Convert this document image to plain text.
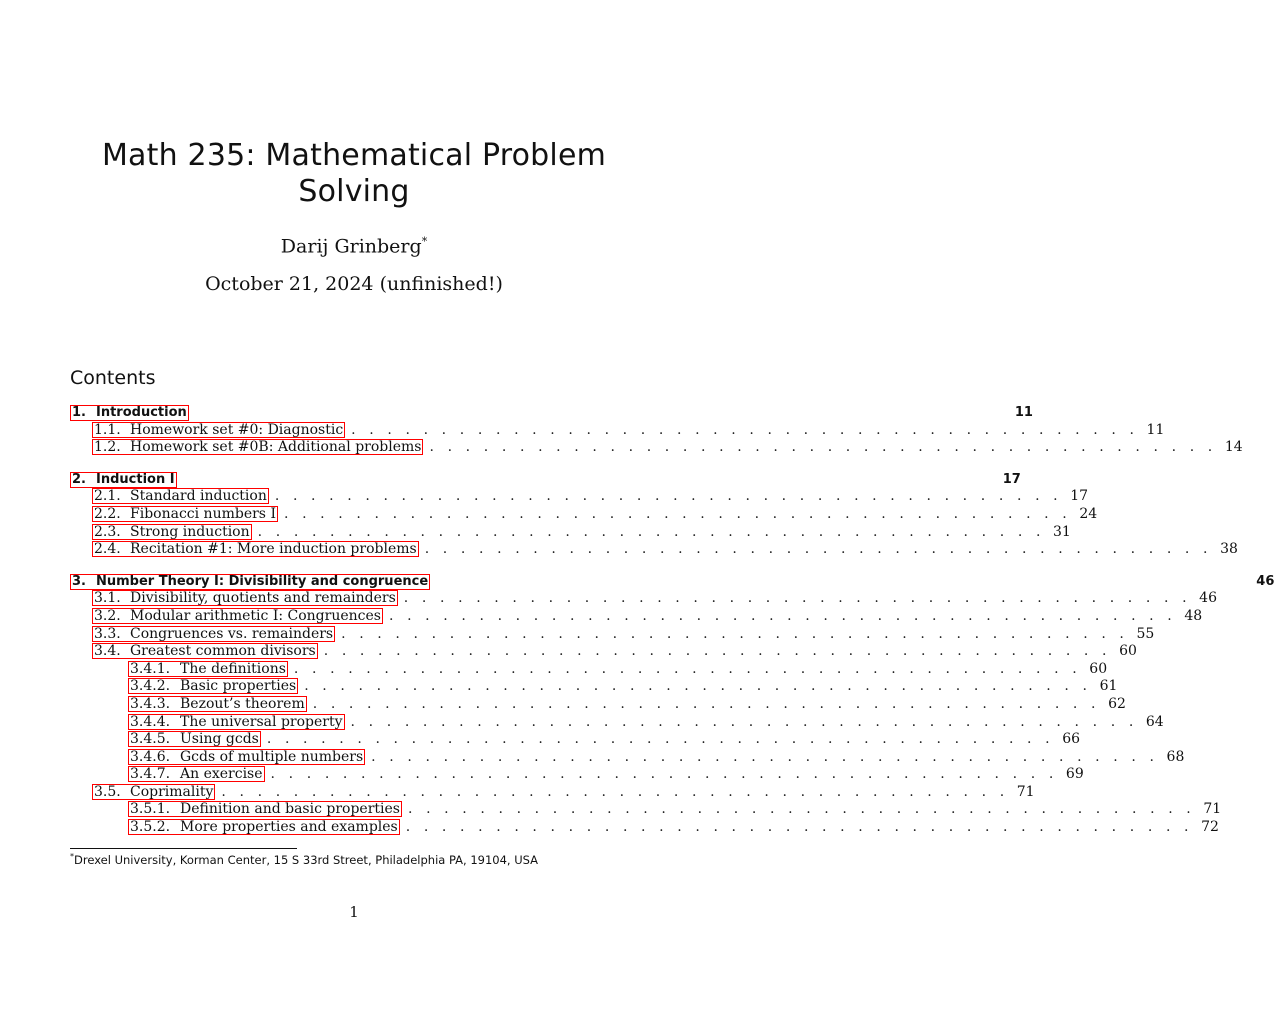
Math 235: Mathematical Problem
Solving
Darij Grinberg*
October 21, 2024 (unfinished!)
Contents
1. Introduction	11
1.1. Homework set #0: Diagnostic . . . . . . . . . . . . . . . . . . . . . . . . . . . . . . . . . . . . . . . . . . . . 11
1.2. Homework set #0B: Additional problems . . . . . . . . . . . . . . . . . . . . . . . . . . . . . . . . . . . . . . . . . . . . 14
2. Induction I	17
2.1. Standard induction . . . . . . . . . . . . . . . . . . . . . . . . . . . . . . . . . . . . . . . . . . . . 17
2.2. Fibonacci numbers I . . . . . . . . . . . . . . . . . . . . . . . . . . . . . . . . . . . . . . . . . . . . 24
2.3. Strong induction . . . . . . . . . . . . . . . . . . . . . . . . . . . . . . . . . . . . . . . . . . . . 31
2.4. Recitation #1: More induction problems . . . . . . . . . . . . . . . . . . . . . . . . . . . . . . . . . . . . . . . . . . . . 38
3. Number Theory I: Divisibility and congruence	46
3.1. Divisibility, quotients and remainders . . . . . . . . . . . . . . . . . . . . . . . . . . . . . . . . . . . . . . . . . . . . 46
3.2. Modular arithmetic I: Congruences . . . . . . . . . . . . . . . . . . . . . . . . . . . . . . . . . . . . . . . . . . . . 48
3.3. Congruences vs. remainders . . . . . . . . . . . . . . . . . . . . . . . . . . . . . . . . . . . . . . . . . . . . 55
3.4. Greatest common divisors . . . . . . . . . . . . . . . . . . . . . . . . . . . . . . . . . . . . . . . . . . . . 60
3.4.1. The definitions . . . . . . . . . . . . . . . . . . . . . . . . . . . . . . . . . . . . . . . . . . . . 60
3.4.2. Basic properties . . . . . . . . . . . . . . . . . . . . . . . . . . . . . . . . . . . . . . . . . . . . 61
3.4.3. Bezout’s theorem . . . . . . . . . . . . . . . . . . . . . . . . . . . . . . . . . . . . . . . . . . . . 62
3.4.4. The universal property . . . . . . . . . . . . . . . . . . . . . . . . . . . . . . . . . . . . . . . . . . . . 64
3.4.5. Using gcds . . . . . . . . . . . . . . . . . . . . . . . . . . . . . . . . . . . . . . . . . . . . 66
3.4.6. Gcds of multiple numbers . . . . . . . . . . . . . . . . . . . . . . . . . . . . . . . . . . . . . . . . . . . . 68
3.4.7. An exercise . . . . . . . . . . . . . . . . . . . . . . . . . . . . . . . . . . . . . . . . . . . . 69
3.5. Coprimality . . . . . . . . . . . . . . . . . . . . . . . . . . . . . . . . . . . . . . . . . . . . 71
3.5.1. Definition and basic properties . . . . . . . . . . . . . . . . . . . . . . . . . . . . . . . . . . . . . . . . . . . . 71
3.5.2. More properties and examples . . . . . . . . . . . . . . . . . . . . . . . . . . . . . . . . . . . . . . . . . . . . 72
*Drexel University, Korman Center, 15 S 33rd Street, Philadelphia PA, 19104, USA
1
